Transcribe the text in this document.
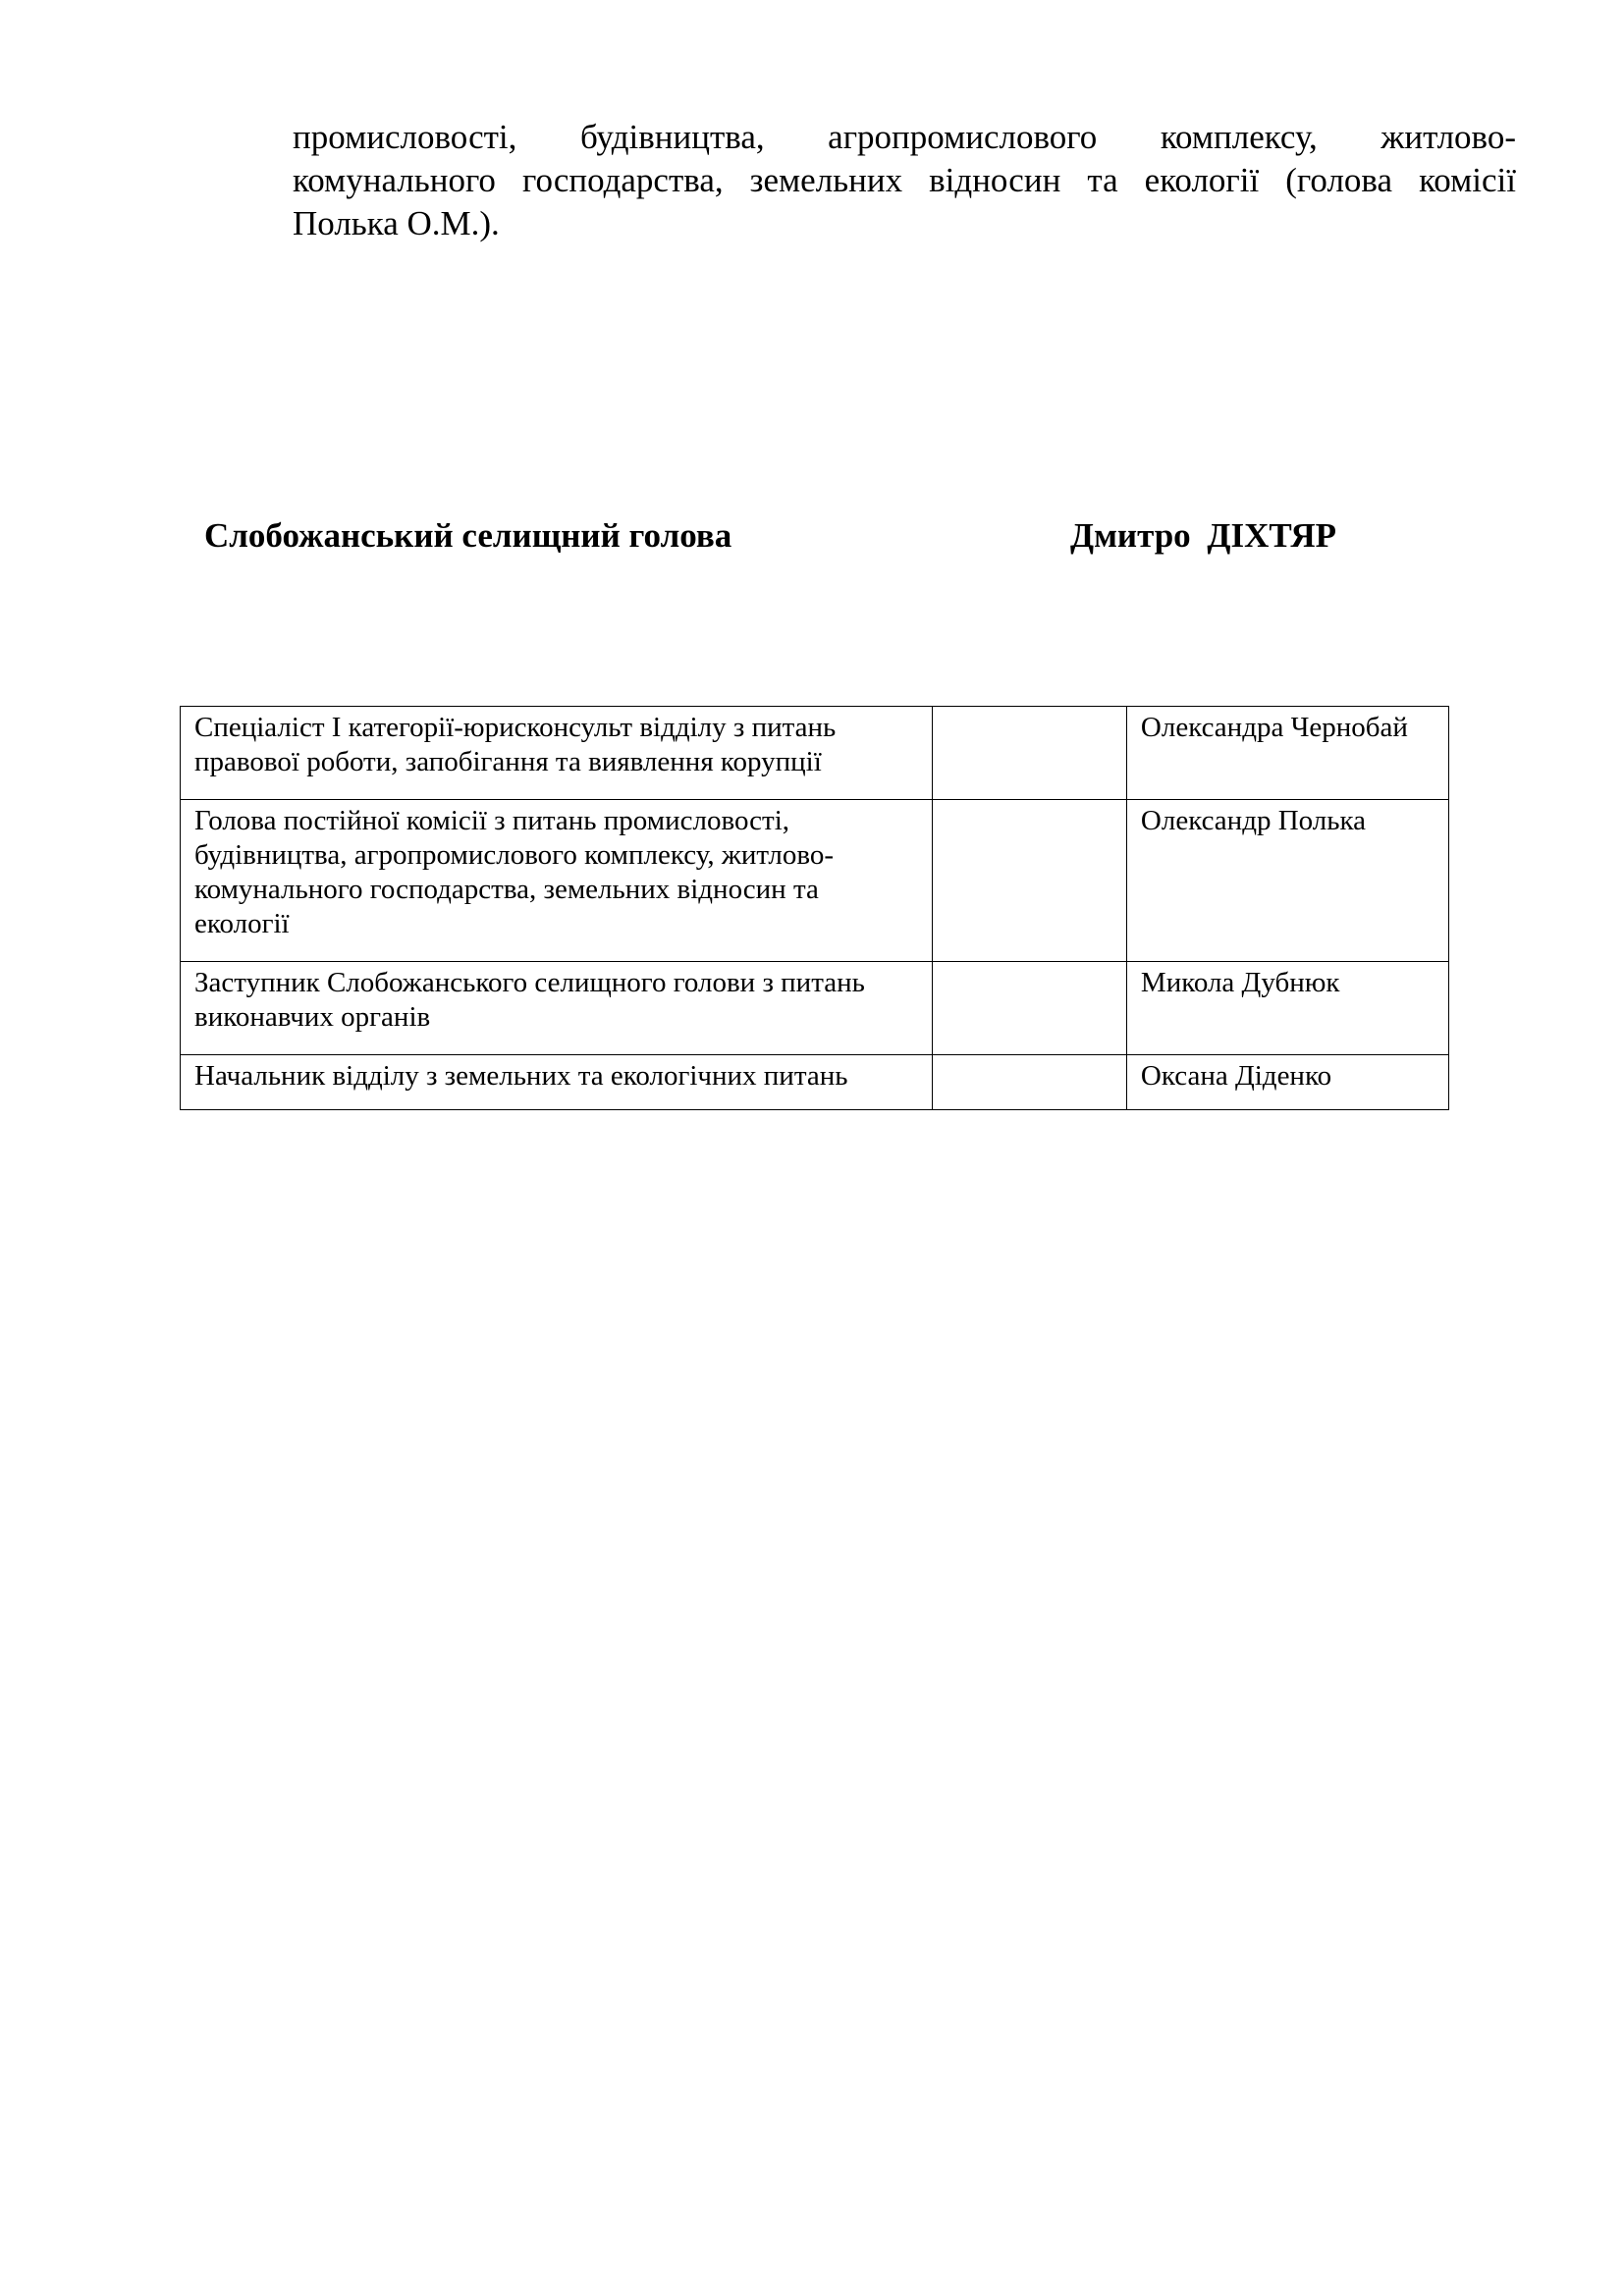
промисловості, будівництва, агропромислового комплексу, житлово-
комунального господарства, земельних відносин та екології (голова комісії
Полька О.М.).
Слобожанський селищний голова	Дмитро ДІХТЯР
Спеціаліст І категорії-юрисконсульт відділу з питань правової роботи, запобігання та виявлення корупції		Олександра Чернобай
Голова постійної комісії з питань промисловості, будівництва, агропромислового комплексу, житлово-комунального господарства, земельних відносин та екології		Олександр Полька
Заступник Слобожанського селищного голови з питань виконавчих органів		Микола Дубнюк
Начальник відділу з земельних та екологічних питань		Оксана Діденко
